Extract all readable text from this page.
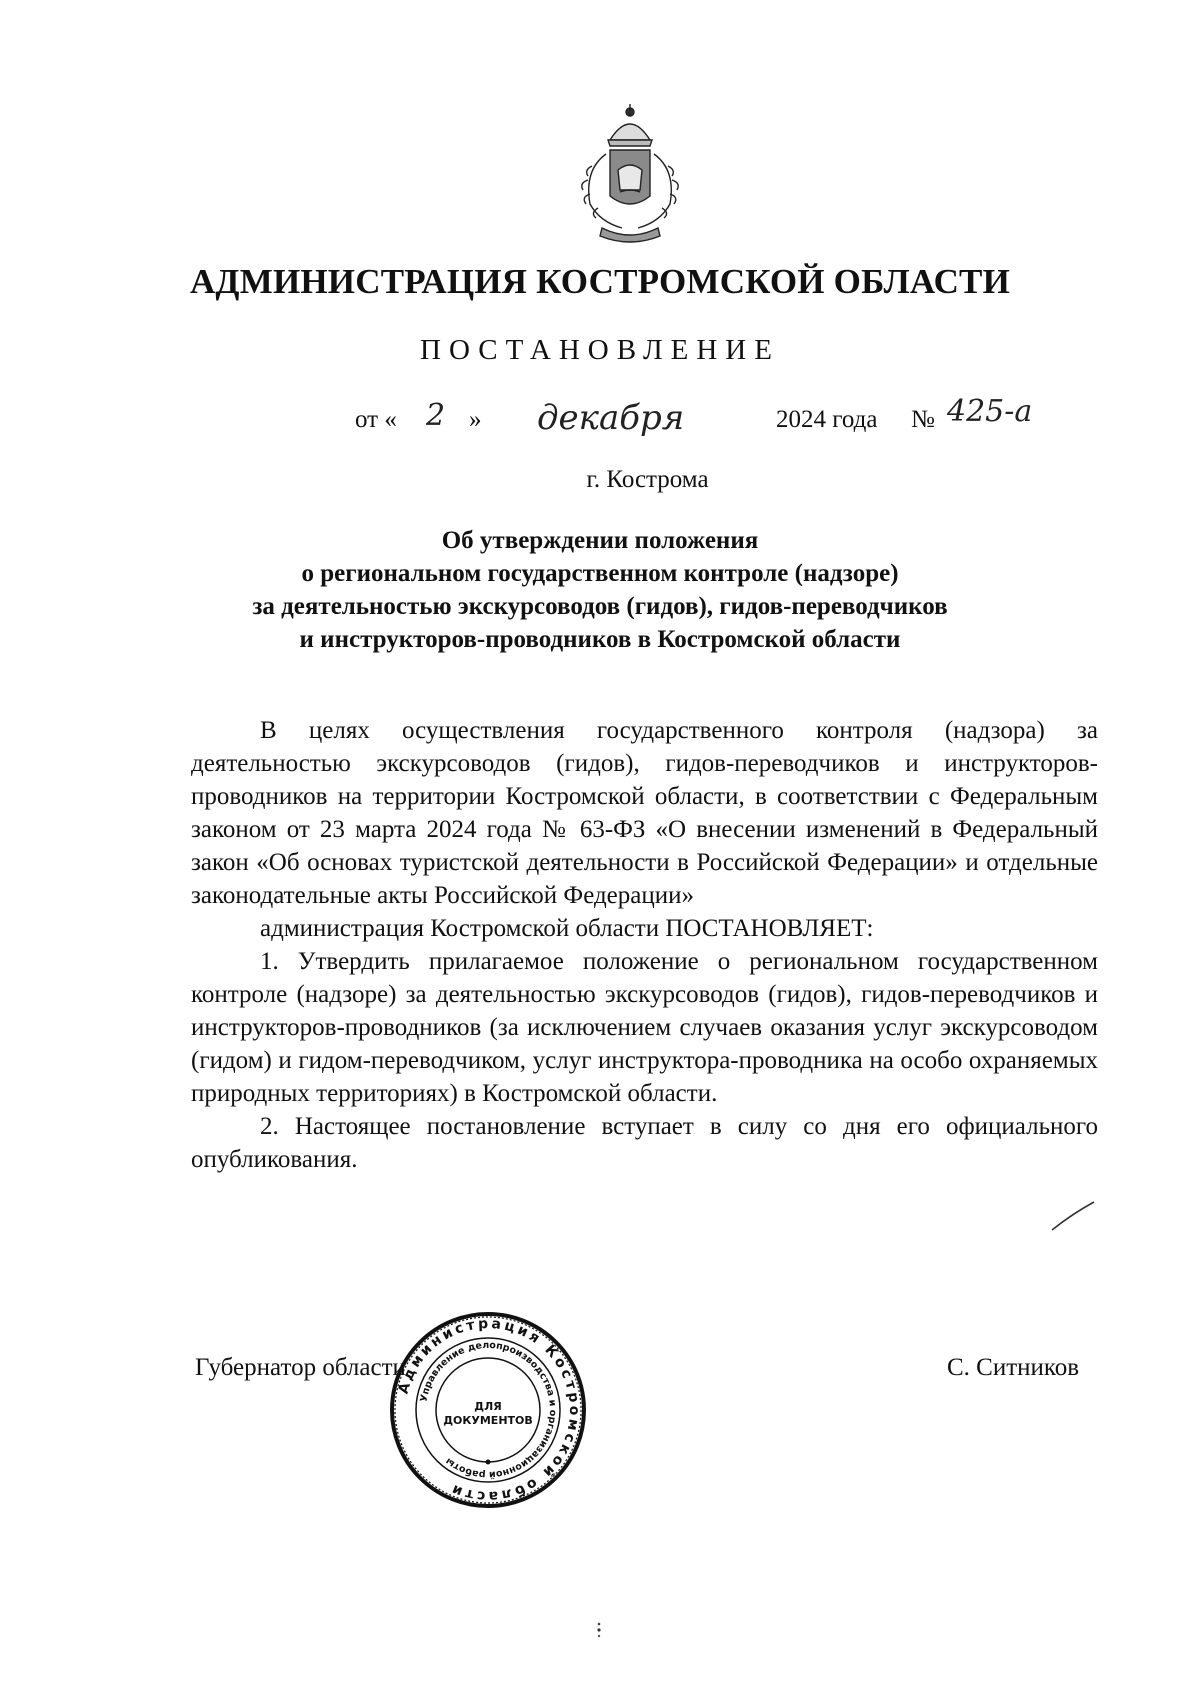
АДМИНИСТРАЦИЯ КОСТРОМСКОЙ ОБЛАСТИ
ПОСТАНОВЛЕНИЕ
от « 2 » декабря	2024 года № 425-а
г. Кострома
Об утверждении положения
о региональном государственном контроле (надзоре)
за деятельностью экскурсоводов (гидов), гидов-переводчиков
и инструкторов-проводников в Костромской области

В целях осуществления государственного контроля (надзора) за деятельностью экскурсоводов (гидов), гидов-переводчиков и инструкторов-проводников на территории Костромской области, в соответствии с Федеральным законом от 23 марта 2024 года № 63-ФЗ «О внесении изменений в Федеральный закон «Об основах туристской деятельности в Российской Федерации» и отдельные законодательные акты Российской Федерации»

администрация Костромской области ПОСТАНОВЛЯЕТ:

1. Утвердить прилагаемое положение о региональном государственном контроле (надзоре) за деятельностью экскурсоводов (гидов), гидов-переводчиков и инструкторов-проводников (за исключением случаев оказания услуг экскурсоводом (гидом) и гидом-переводчиком, услуг инструктора-проводника на особо охраняемых природных территориях) в Костромской области.

2. Настоящее постановление вступает в силу со дня его официального опубликования.

Губернатор области	С. Ситников
Администрация Костромской области
Управление делопроизводства и организационной работы
ДЛЯ
ДОКУМЕНТОВ
